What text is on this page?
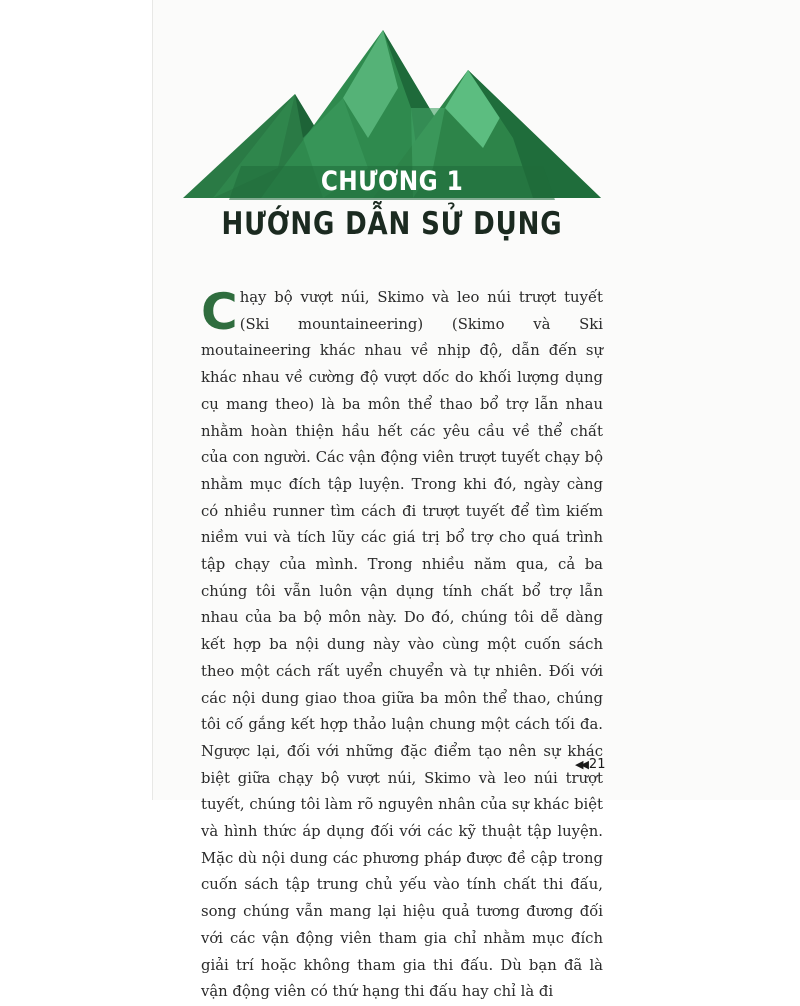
CHƯƠNG 1
HƯỚNG DẪN SỬ DỤNG

Chạy bộ vượt núi, Skimo và leo núi trượt tuyết (Ski mountaineering) (Skimo và Ski moutaineering khác nhau về nhịp độ, dẫn đến sự khác nhau về cường độ vượt dốc do khối lượng dụng cụ mang theo) là ba môn thể thao bổ trợ lẫn nhau nhằm hoàn thiện hầu hết các yêu cầu về thể chất của con người. Các vận động viên trượt tuyết chạy bộ nhằm mục đích tập luyện. Trong khi đó, ngày càng có nhiều runner tìm cách đi trượt tuyết để tìm kiếm niềm vui và tích lũy các giá trị bổ trợ cho quá trình tập chạy của mình. Trong nhiều năm qua, cả ba chúng tôi vẫn luôn vận dụng tính chất bổ trợ lẫn nhau của ba bộ môn này. Do đó, chúng tôi dễ dàng kết hợp ba nội dung này vào cùng một cuốn sách theo một cách rất uyển chuyển và tự nhiên. Đối với các nội dung giao thoa giữa ba môn thể thao, chúng tôi cố gắng kết hợp thảo luận chung một cách tối đa. Ngược lại, đối với những đặc điểm tạo nên sự khác biệt giữa chạy bộ vượt núi, Skimo và leo núi trượt tuyết, chúng tôi làm rõ nguyên nhân của sự khác biệt và hình thức áp dụng đối với các kỹ thuật tập luyện. Mặc dù nội dung các phương pháp được đề cập trong cuốn sách tập trung chủ yếu vào tính chất thi đấu, song chúng vẫn mang lại hiệu quả tương đương đối với các vận động viên tham gia chỉ nhằm mục đích giải trí hoặc không tham gia thi đấu. Dù bạn đã là vận động viên có thứ hạng thi đấu hay chỉ là đi

◀◀ 21
